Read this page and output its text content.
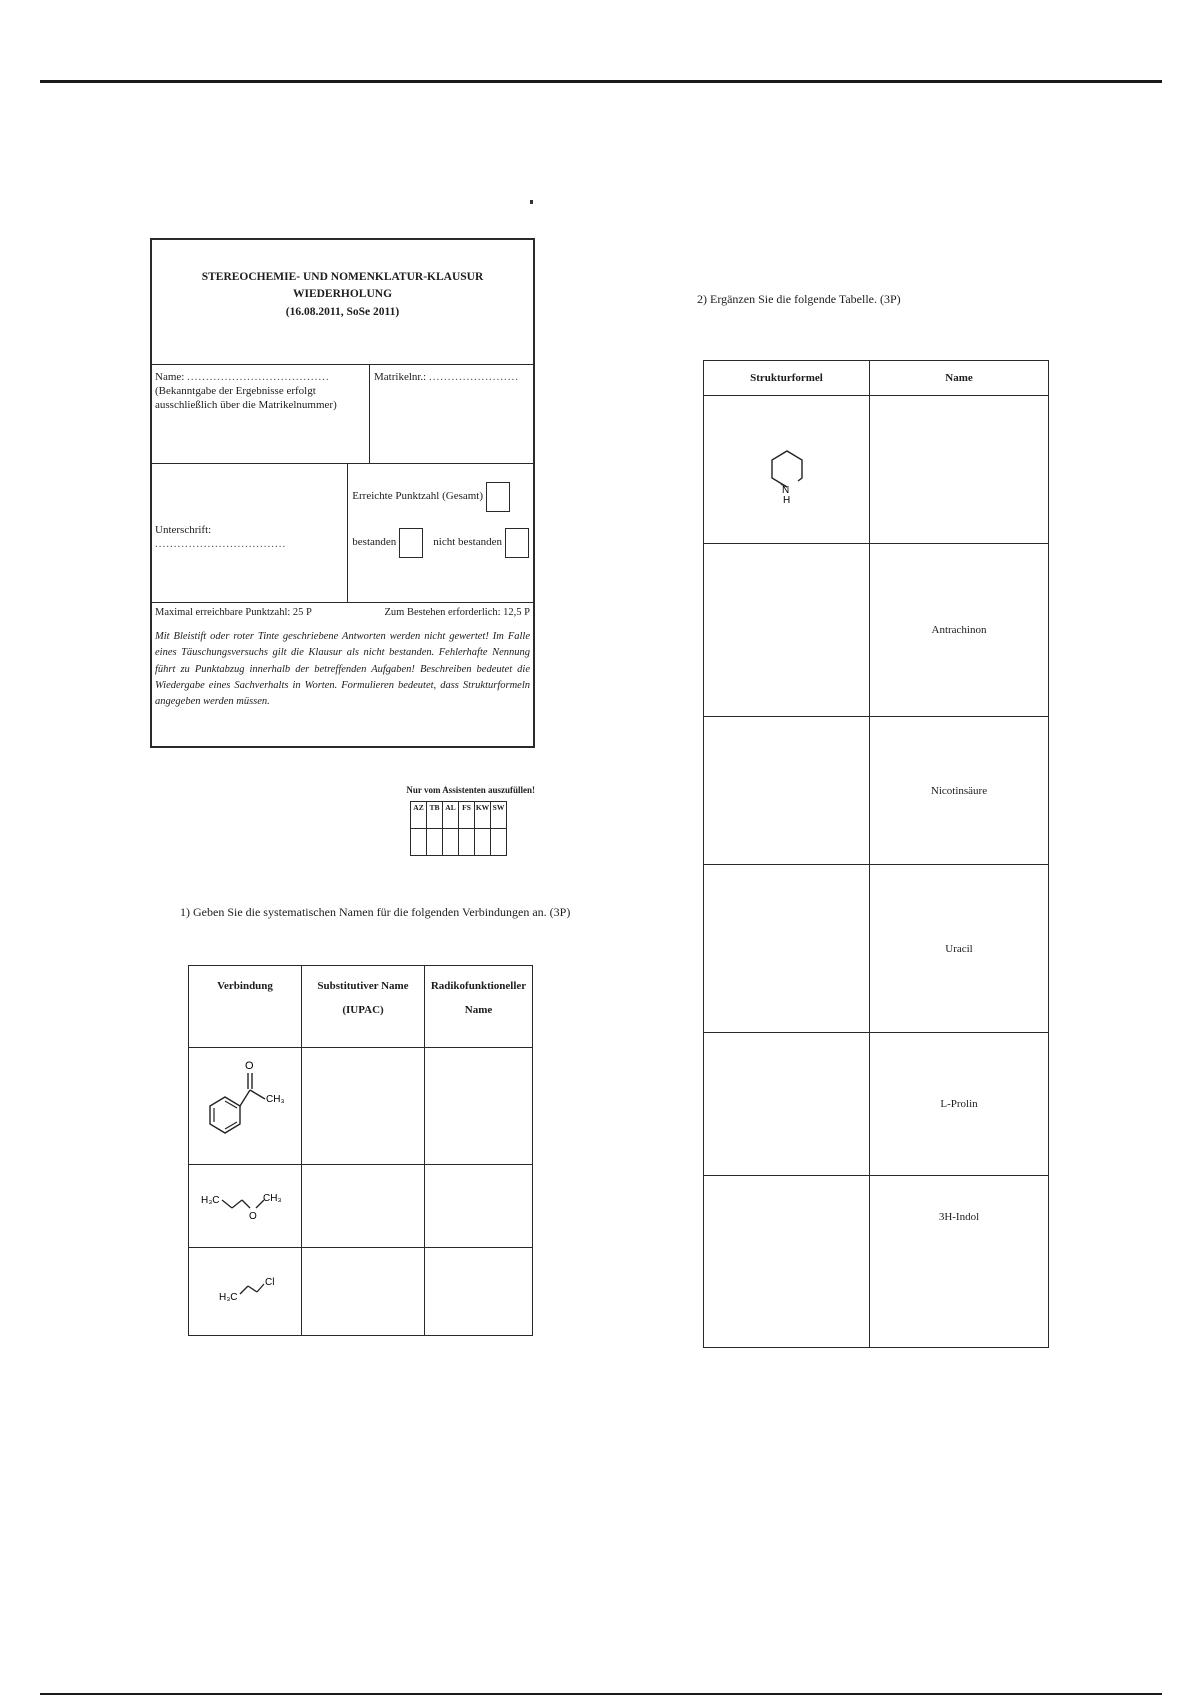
STEREOCHEMIE- UND NOMENKLATUR-KLAUSUR
WIEDERHOLUNG
(16.08.2011, SoSe 2011)
Name: ......................................
(Bekanntgabe der Ergebnisse erfolgt ausschließlich über die Matrikelnummer)
Matrikelnr.: ........................
Unterschrift: ...................................
Erreichte Punktzahl (Gesamt)
bestanden	nicht bestanden
Maximal erreichbare Punktzahl: 25 P	Zum Bestehen erforderlich: 12,5 P
Mit Bleistift oder roter Tinte geschriebene Antworten werden nicht gewertet! Im Falle eines Täuschungsversuchs gilt die Klausur als nicht bestanden. Fehlerhafte Nennung führt zu Punktabzug innerhalb der betreffenden Aufgaben! Beschreiben bedeutet die Wiedergabe eines Sachverhalts in Worten. Formulieren bedeutet, dass Strukturformeln angegeben werden müssen.
Nur vom Assistenten auszufüllen!
AZ	TB	AL	FS	KW	SW

1) Geben Sie die systematischen Namen für die folgenden Verbindungen an. (3P)
Verbindung	Substitutiver Name (IUPAC)	Radikofunktioneller Name

O
CH₃		

H₃C
O
CH₃		

H₃C
Cl		

2) Ergänzen Sie die folgende Tabelle. (3P)
Strukturformel	Name

N
H	

	Antrachinon
	Nicotinsäure
	Uracil
	L-Prolin
	3H-Indol
